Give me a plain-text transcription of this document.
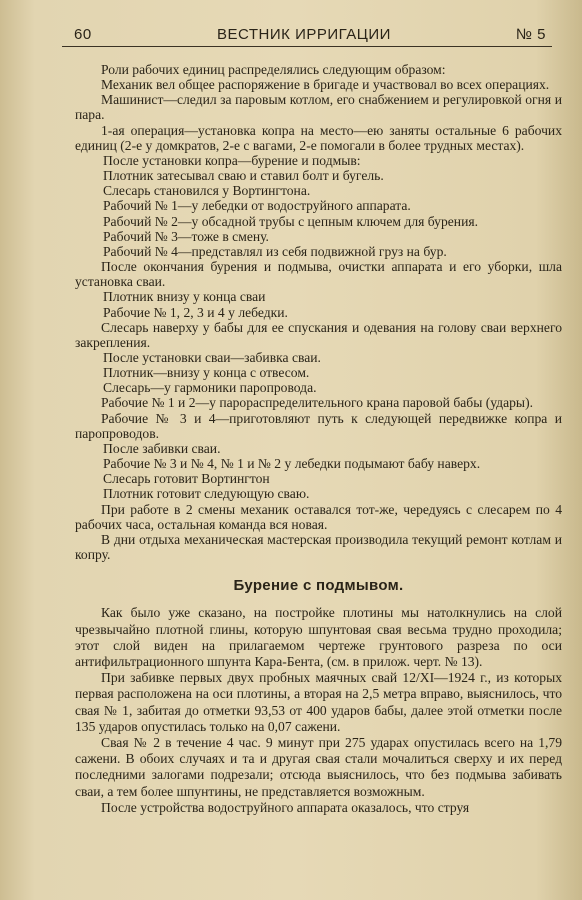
60	ВЕСТНИК ИРРИГАЦИИ	№ 5

Роли рабочих единиц распределялись следующим образом:

Механик вел общее распоряжение в бригаде и участвовал во всех операциях.

Машинист—следил за паровым котлом, его снабжением и регулировкой огня и пара.

1-ая операция—установка копра на место—ею заняты остальные 6 рабочих единиц (2-е у домкратов, 2-е с вагами, 2-е помогали в более трудных местах).

После установки копра—бурение и подмыв:

Плотник затесывал сваю и ставил болт и бугель.

Слесарь становился у Вортингтона.

Рабочий № 1—у лебедки от водоструйного аппарата.

Рабочий № 2—у обсадной трубы с цепным ключем для бурения.

Рабочий № 3—тоже в смену.

Рабочий № 4—представлял из себя подвижной груз на бур.

После окончания бурения и подмыва, очистки аппарата и его уборки, шла установка сваи.

Плотник внизу у конца сваи

Рабочие № 1, 2, 3 и 4 у лебедки.

Слесарь наверху у бабы для ее спускания и одевания на голову сваи верхнего закрепления.

После установки сваи—забивка сваи.

Плотник—внизу у конца с отвесом.

Слесарь—у гармоники паропровода.

Рабочие № 1 и 2—у парораспределительного крана паровой бабы (удары).

Рабочие № 3 и 4—приготовляют путь к следующей передвижке копра и паропроводов.

После забивки сваи.

Рабочие № 3 и № 4, № 1 и № 2 у лебедки подымают бабу наверх.

Слесарь готовит Вортингтон

Плотник готовит следующую сваю.

При работе в 2 смены механик оставался тот-же, чередуясь с слесарем по 4 рабочих часа, остальная команда вся новая.

В дни отдыха механическая мастерская производила текущий ремонт котлам и копру.

Бурение с подмывом.

Как было уже сказано, на постройке плотины мы натолкнулись на слой чрезвычайно плотной глины, которую шпунтовая свая весьма трудно проходила; этот слой виден на прилагаемом чертеже грунтового разреза по оси антифильтрационного шпунта Кара-Бента, (см. в прилож. черт. № 13).

При забивке первых двух пробных маячных свай 12/XI—1924 г., из которых первая расположена на оси плотины, а вторая на 2,5 метра вправо, выяснилось, что свая № 1, забитая до отметки 93,53 от 400 ударов бабы, далее этой отметки после 135 ударов опустилась только на 0,07 сажени.

Свая № 2 в течение 4 час. 9 минут при 275 ударах опустилась всего на 1,79 сажени. В обоих случаях и та и другая свая стали мочалиться сверху и их перед последними залогами подрезали; отсюда выяснилось, что без подмыва забивать сваи, а тем более шпунтины, не представляется возможным.

После устройства водоструйного аппарата оказалось, что струя
